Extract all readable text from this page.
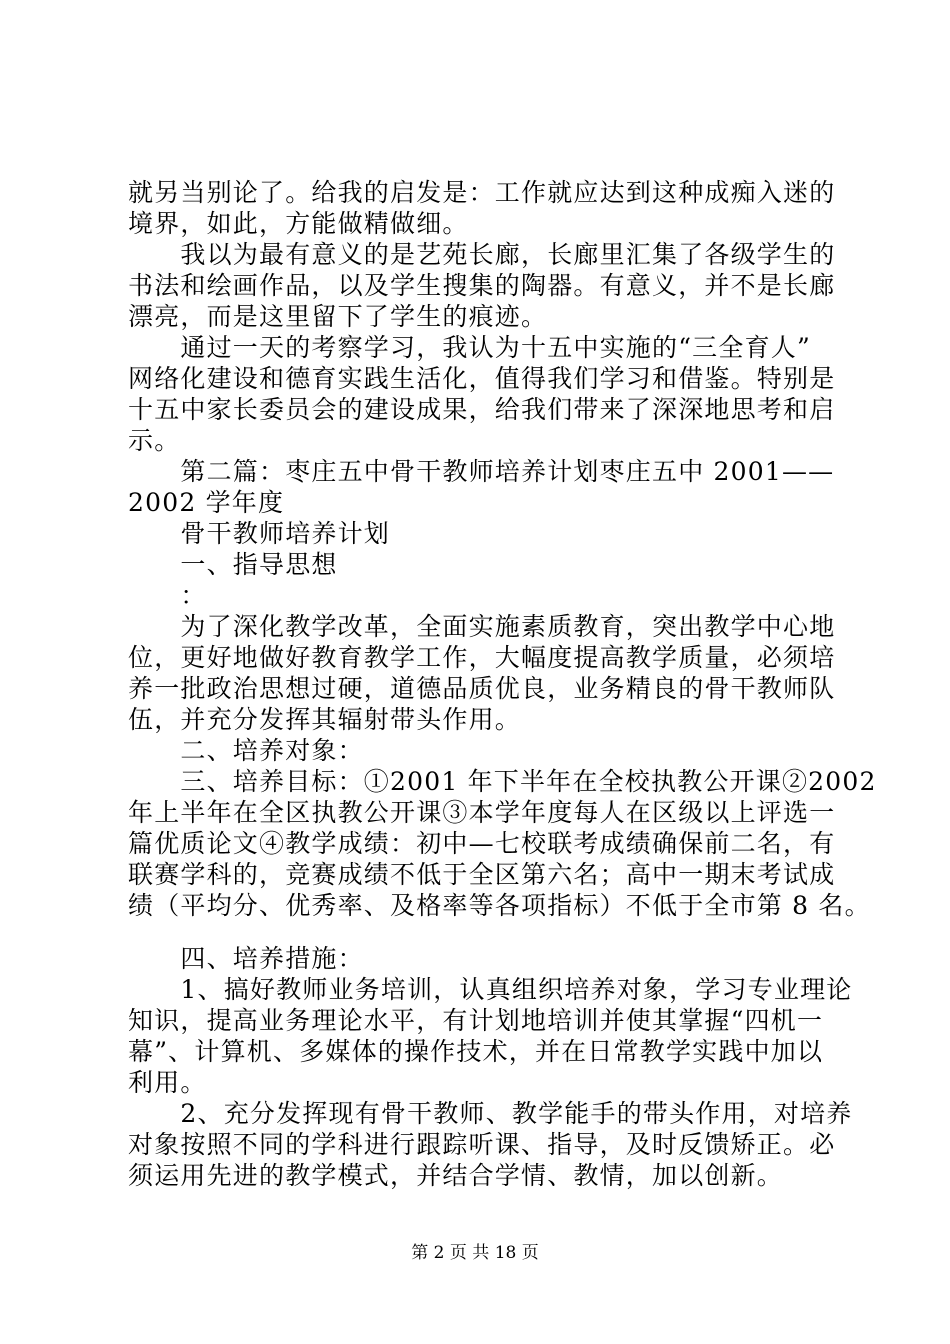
就另当别论了。给我的启发是：工作就应达到这种成痴入迷的
境界，如此，方能做精做细。
　　我以为最有意义的是艺苑长廊，长廊里汇集了各级学生的
书法和绘画作品，以及学生搜集的陶器。有意义，并不是长廊
漂亮，而是这里留下了学生的痕迹。
　　通过一天的考察学习，我认为十五中实施的“三全育人”
网络化建设和德育实践生活化，值得我们学习和借鉴。特别是
十五中家长委员会的建设成果，给我们带来了深深地思考和启
示。
　　第二篇：枣庄五中骨干教师培养计划枣庄五中 2001——
2002 学年度
　　骨干教师培养计划
　　一、指导思想
　　：
　　为了深化教学改革，全面实施素质教育，突出教学中心地
位，更好地做好教育教学工作，大幅度提高教学质量，必须培
养一批政治思想过硬，道德品质优良，业务精良的骨干教师队
伍，并充分发挥其辐射带头作用。
　　二、培养对象：
　　三、培养目标：①2001 年下半年在全校执教公开课②2002
年上半年在全区执教公开课③本学年度每人在区级以上评选一
篇优质论文④教学成绩：初中—七校联考成绩确保前二名，有
联赛学科的，竞赛成绩不低于全区第六名；高中一期末考试成
绩（平均分、优秀率、及格率等各项指标）不低于全市第 8 名。
　　四、培养措施：
　　1、搞好教师业务培训，认真组织培养对象，学习专业理论
知识，提高业务理论水平，有计划地培训并使其掌握“四机一
幕”、计算机、多媒体的操作技术，并在日常教学实践中加以
利用。
　　2、充分发挥现有骨干教师、教学能手的带头作用，对培养
对象按照不同的学科进行跟踪听课、指导，及时反馈矫正。必
须运用先进的教学模式，并结合学情、教情，加以创新。
第 2 页 共 18 页
